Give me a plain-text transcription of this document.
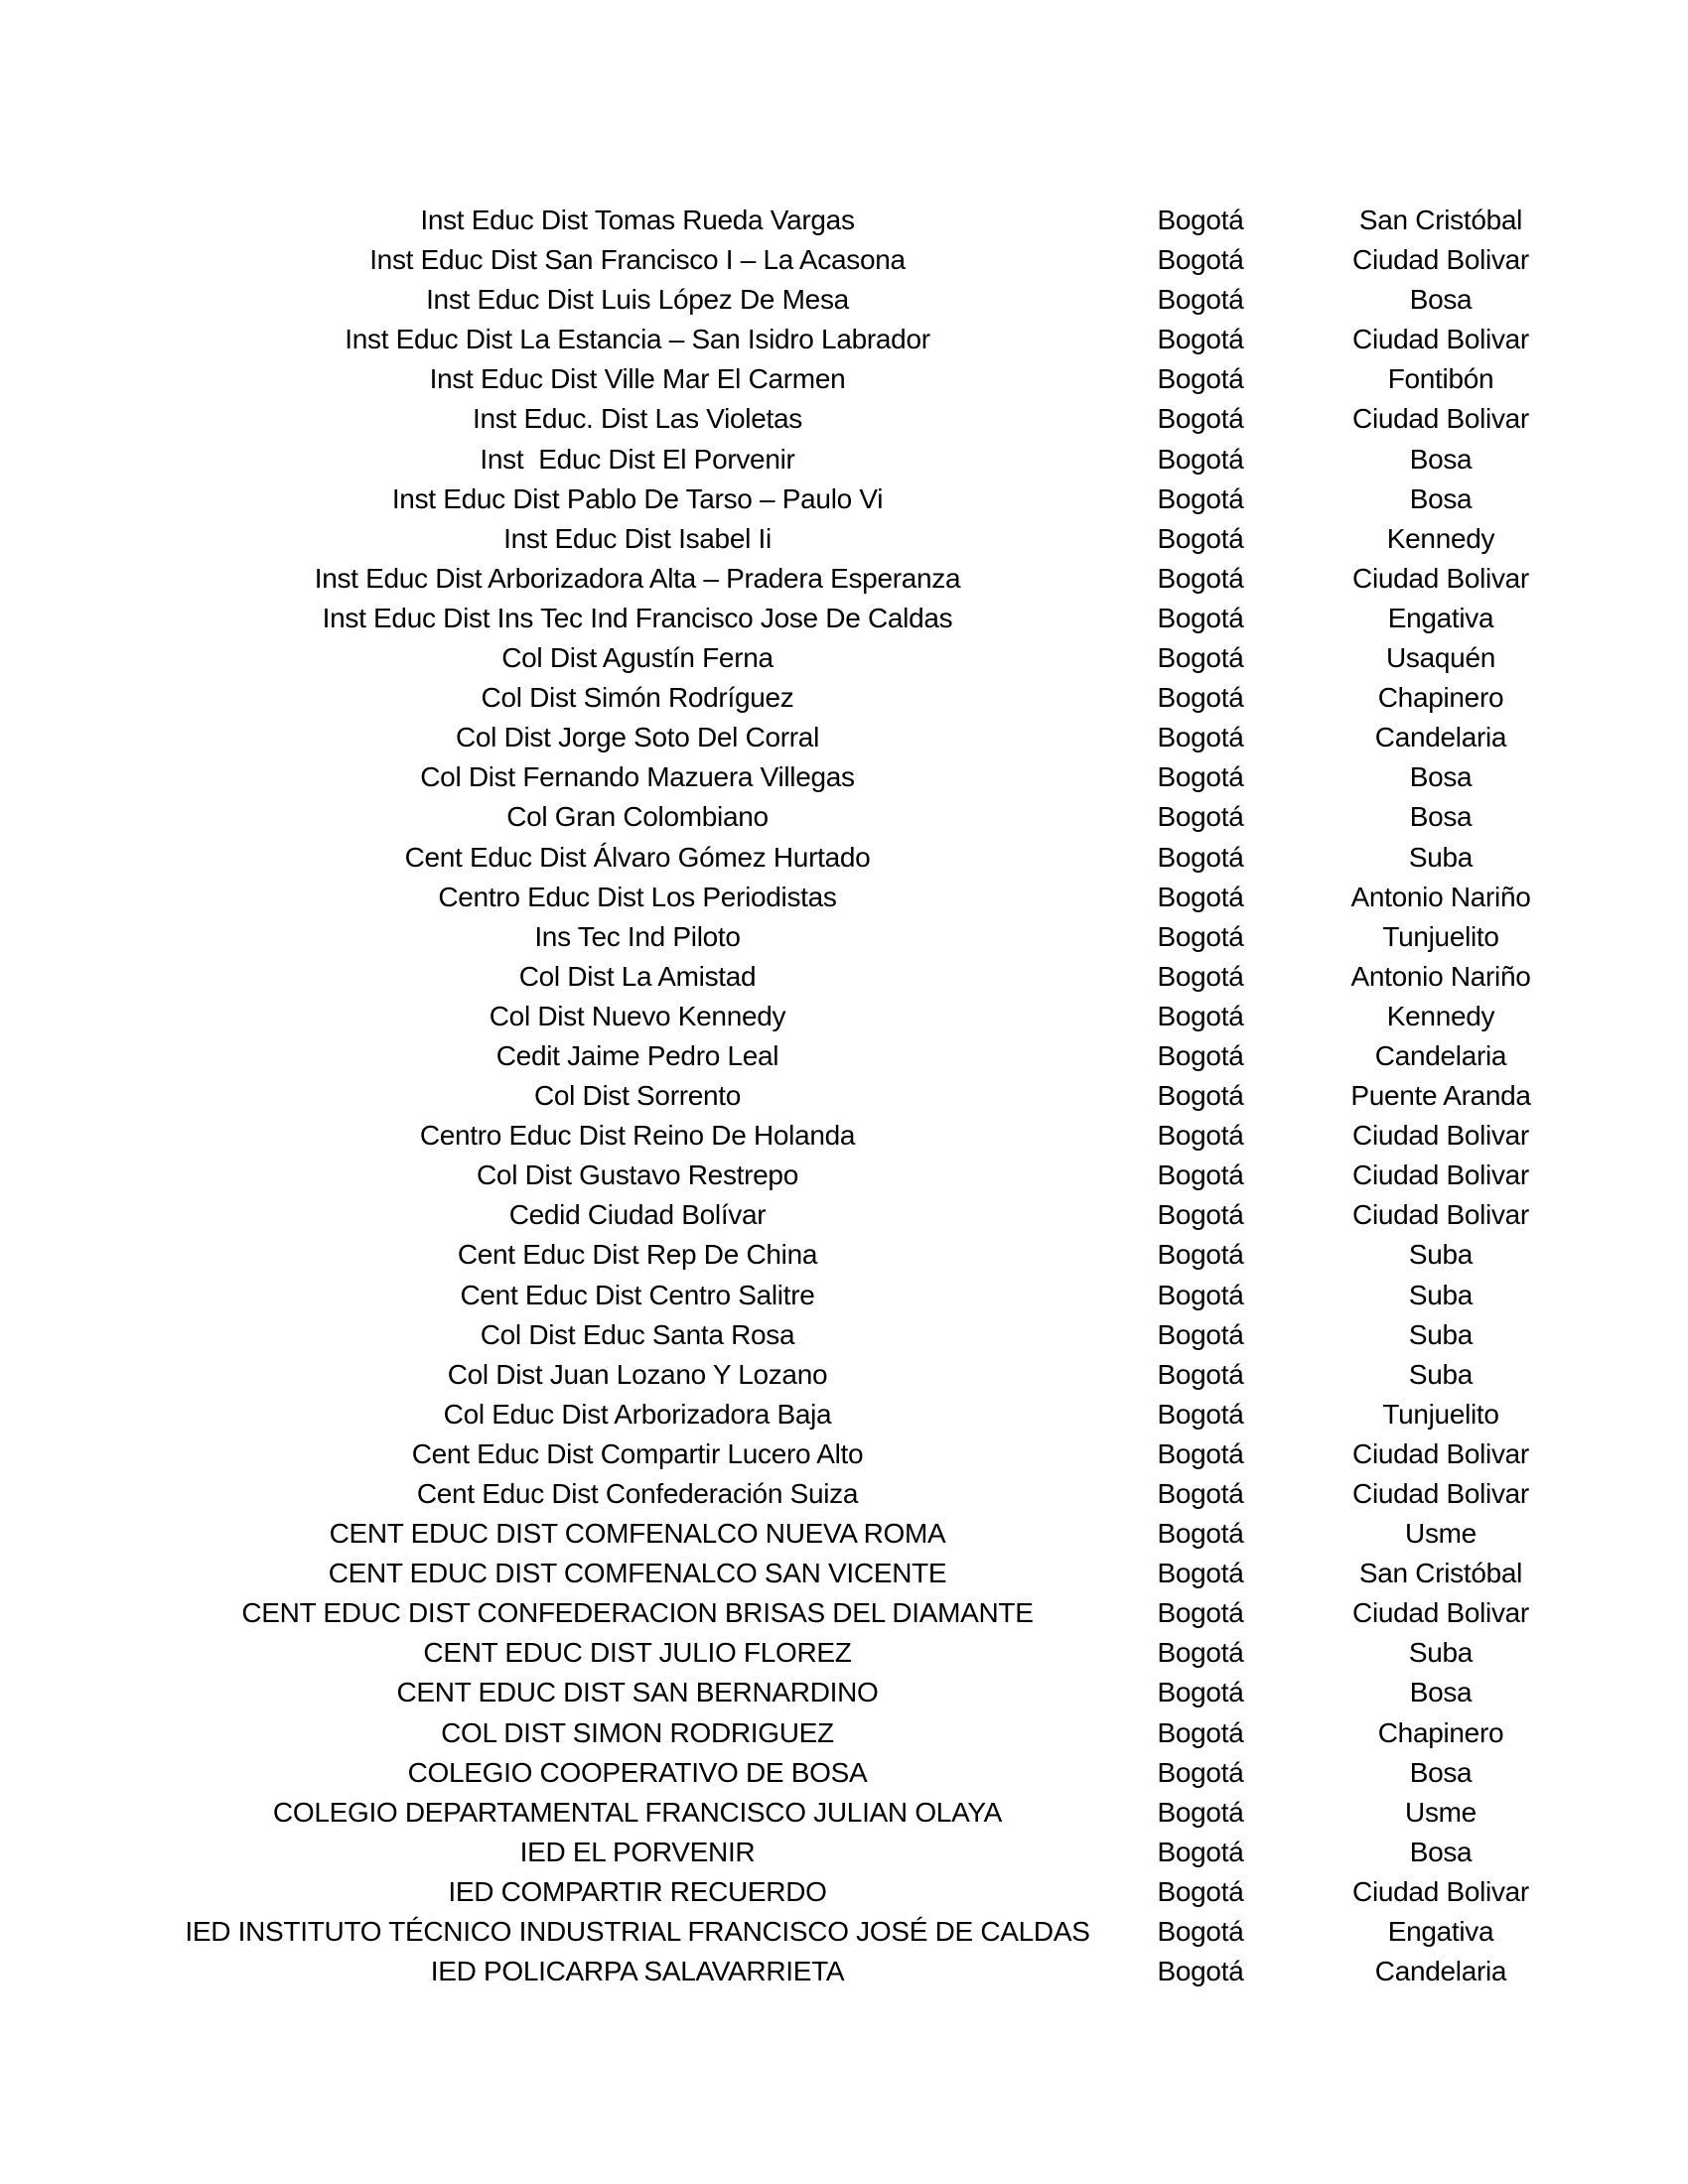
Inst Educ Dist Tomas Rueda Vargas	Bogotá	San Cristóbal
Inst Educ Dist San Francisco I – La Acasona	Bogotá	Ciudad Bolivar
Inst Educ Dist Luis López De Mesa	Bogotá	Bosa
Inst Educ Dist La Estancia – San Isidro Labrador	Bogotá	Ciudad Bolivar
Inst Educ Dist Ville Mar El Carmen	Bogotá	Fontibón
Inst Educ. Dist Las Violetas	Bogotá	Ciudad Bolivar
Inst  Educ Dist El Porvenir	Bogotá	Bosa
Inst Educ Dist Pablo De Tarso – Paulo Vi	Bogotá	Bosa
Inst Educ Dist Isabel Ii	Bogotá	Kennedy
Inst Educ Dist Arborizadora Alta – Pradera Esperanza	Bogotá	Ciudad Bolivar
Inst Educ Dist Ins Tec Ind Francisco Jose De Caldas	Bogotá	Engativa
Col Dist Agustín Ferna	Bogotá	Usaquén
Col Dist Simón Rodríguez	Bogotá	Chapinero
Col Dist Jorge Soto Del Corral	Bogotá	Candelaria
Col Dist Fernando Mazuera Villegas	Bogotá	Bosa
Col Gran Colombiano	Bogotá	Bosa
Cent Educ Dist Álvaro Gómez Hurtado	Bogotá	Suba
Centro Educ Dist Los Periodistas	Bogotá	Antonio Nariño
Ins Tec Ind Piloto	Bogotá	Tunjuelito
Col Dist La Amistad	Bogotá	Antonio Nariño
Col Dist Nuevo Kennedy	Bogotá	Kennedy
Cedit Jaime Pedro Leal	Bogotá	Candelaria
Col Dist Sorrento	Bogotá	Puente Aranda
Centro Educ Dist Reino De Holanda	Bogotá	Ciudad Bolivar
Col Dist Gustavo Restrepo	Bogotá	Ciudad Bolivar
Cedid Ciudad Bolívar	Bogotá	Ciudad Bolivar
Cent Educ Dist Rep De China	Bogotá	Suba
Cent Educ Dist Centro Salitre	Bogotá	Suba
Col Dist Educ Santa Rosa	Bogotá	Suba
Col Dist Juan Lozano Y Lozano	Bogotá	Suba
Col Educ Dist Arborizadora Baja	Bogotá	Tunjuelito
Cent Educ Dist Compartir Lucero Alto	Bogotá	Ciudad Bolivar
Cent Educ Dist Confederación Suiza	Bogotá	Ciudad Bolivar
CENT EDUC DIST COMFENALCO NUEVA ROMA	Bogotá	Usme
CENT EDUC DIST COMFENALCO SAN VICENTE	Bogotá	San Cristóbal
CENT EDUC DIST CONFEDERACION BRISAS DEL DIAMANTE	Bogotá	Ciudad Bolivar
CENT EDUC DIST JULIO FLOREZ	Bogotá	Suba
CENT EDUC DIST SAN BERNARDINO	Bogotá	Bosa
COL DIST SIMON RODRIGUEZ	Bogotá	Chapinero
COLEGIO COOPERATIVO DE BOSA	Bogotá	Bosa
COLEGIO DEPARTAMENTAL FRANCISCO JULIAN OLAYA	Bogotá	Usme
IED EL PORVENIR	Bogotá	Bosa
IED COMPARTIR RECUERDO	Bogotá	Ciudad Bolivar
IED INSTITUTO TÉCNICO INDUSTRIAL FRANCISCO JOSÉ DE CALDAS	Bogotá	Engativa
IED POLICARPA SALAVARRIETA	Bogotá	Candelaria
